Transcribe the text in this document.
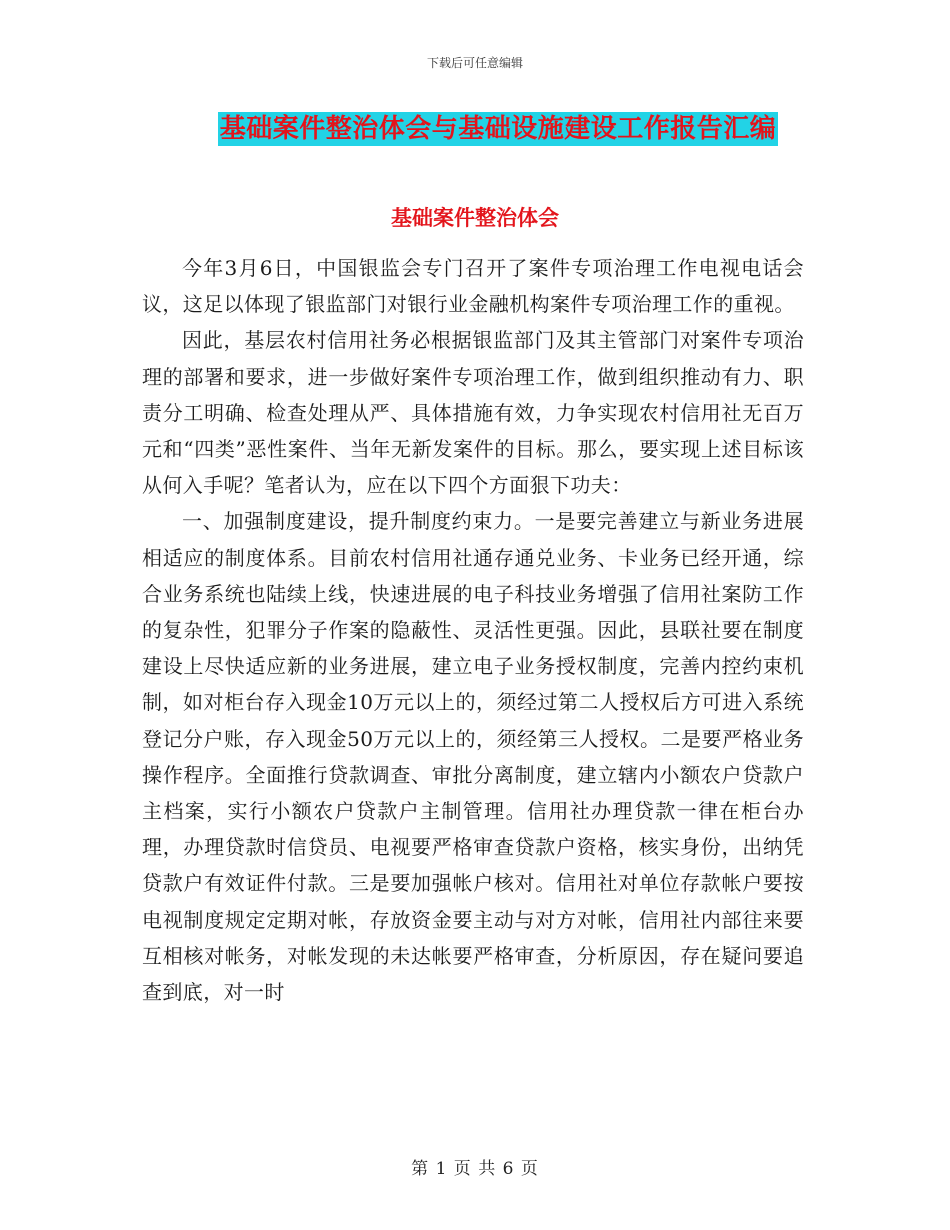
下载后可任意编辑
基础案件整治体会与基础设施建设工作报告汇编
基础案件整治体会

今年3月6日，中国银监会专门召开了案件专项治理工作电视电话会议，这足以体现了银监部门对银行业金融机构案件专项治理工作的重视。

因此，基层农村信用社务必根据银监部门及其主管部门对案件专项治理的部署和要求，进一步做好案件专项治理工作，做到组织推动有力、职责分工明确、检查处理从严、具体措施有效，力争实现农村信用社无百万元和“四类”恶性案件、当年无新发案件的目标。那么，要实现上述目标该从何入手呢？笔者认为，应在以下四个方面狠下功夫：

一、加强制度建设，提升制度约束力。一是要完善建立与新业务进展相适应的制度体系。目前农村信用社通存通兑业务、卡业务已经开通，综合业务系统也陆续上线，快速进展的电子科技业务增强了信用社案防工作的复杂性，犯罪分子作案的隐蔽性、灵活性更强。因此，县联社要在制度建设上尽快适应新的业务进展，建立电子业务授权制度，完善内控约束机制，如对柜台存入现金10万元以上的，须经过第二人授权后方可进入系统登记分户账，存入现金50万元以上的，须经第三人授权。二是要严格业务操作程序。全面推行贷款调查、审批分离制度，建立辖内小额农户贷款户主档案，实行小额农户贷款户主制管理。信用社办理贷款一律在柜台办理，办理贷款时信贷员、电视要严格审查贷款户资格，核实身份，出纳凭贷款户有效证件付款。三是要加强帐户核对。信用社对单位存款帐户要按电视制度规定定期对帐，存放资金要主动与对方对帐，信用社内部往来要互相核对帐务，对帐发现的未达帐要严格审查，分析原因，存在疑问要追查到底，对一时

第 1 页 共 6 页
